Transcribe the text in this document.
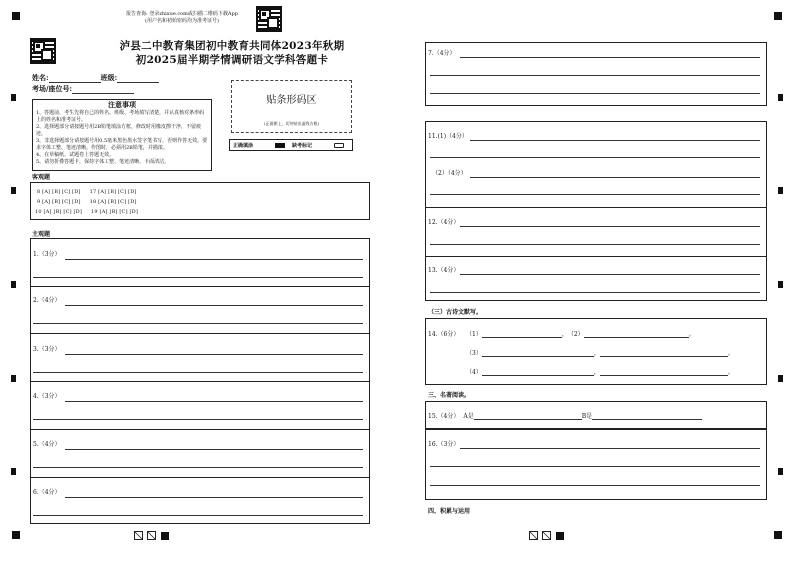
报告查询: 登录zhixue.com或扫描二维码下载App
(用户名和初始密码均为准考证号)
泸县二中教育集团初中教育共同体2023年秋期
初2025届半期学情调研语文学科答题卡
姓名:	班级:
考场/座位号:
贴条形码区
(正面朝上，切勿贴出虚线方框)
正确填涂	缺考标记
注意事项
1、答题前，考生先将自己的姓名、班级、考场填写清楚，并认真核对条形码上的姓名和准考证号。
2、选择题部分请按题号用2B铅笔填涂方框，修改时用橡皮擦干净，不留痕迹。
3、非选择题部分请按题号用0.5毫米黑色墨水签字笔书写，否则作答无效。要求字体工整、笔迹清晰。作图时，必须用2B铅笔，并描浓。
4、在草稿纸、试题卷上答题无效。
5、请勿折叠答题卡，保持字体工整、笔迹清晰、卡面清洁。
客观题
8 [A] [B] [C] [D]     17 [A] [B] [C] [D]
9 [A] [B] [C] [D]     18 [A] [B] [C] [D]
10 [A] [B] [C] [D]     19 [A] [B] [C] [D]
主观题
1.（3分）
2.（4分）
3.（3分）
4.（3分）
5.（4分）
6.（4分）
7.（4分）
11.(1)（4分）
（2）（4分）
12.（4分）
13.（4分）
（三）古诗文默写。
14.（6分） （1）	， （2）	。
（3）	，	。
（4）	，	。
三、名著阅读。
15.（4分） A是	B是
16.（3分）
四、积累与运用
